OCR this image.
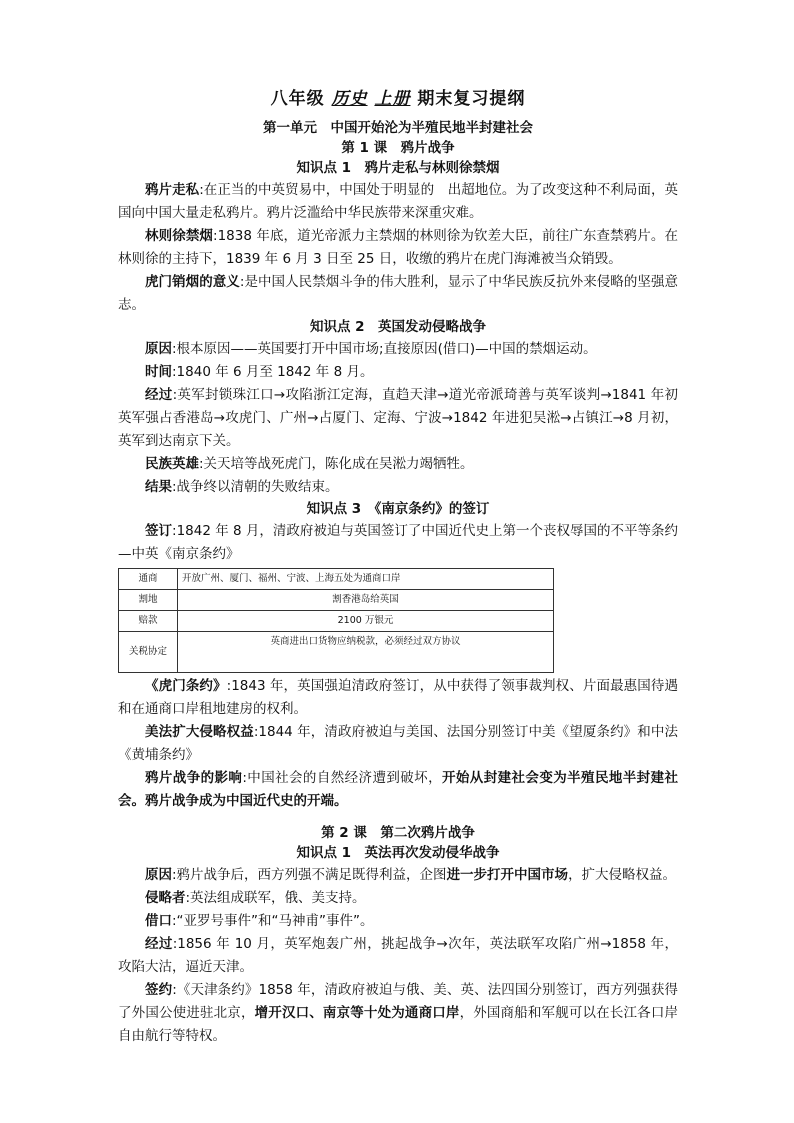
八年级 历史 上册 期末复习提纲
第一单元　中国开始沦为半殖民地半封建社会
第 1 课　鸦片战争
知识点 1　鸦片走私与林则徐禁烟

鸦片走私:在正当的中英贸易中，中国处于明显的　出超地位。为了改变这种不利局面，英国向中国大量走私鸦片。鸦片泛滥给中华民族带来深重灾难。

林则徐禁烟:1838 年底，道光帝派力主禁烟的林则徐为钦差大臣，前往广东查禁鸦片。在林则徐的主持下，1839 年 6 月 3 日至 25 日，收缴的鸦片在虎门海滩被当众销毁。

虎门销烟的意义:是中国人民禁烟斗争的伟大胜利，显示了中华民族反抗外来侵略的坚强意志。

知识点 2　英国发动侵略战争

原因:根本原因——英国要打开中国市场;直接原因(借口)—中国的禁烟运动。

时间:1840 年 6 月至 1842 年 8 月。

经过:英军封锁珠江口→攻陷浙江定海，直趋天津→道光帝派琦善与英军谈判→1841 年初英军强占香港岛→攻虎门、广州→占厦门、定海、宁波→1842 年进犯吴淞→占镇江→8 月初，英军到达南京下关。

民族英雄:关天培等战死虎门，陈化成在吴淞力竭牺牲。

结果:战争终以清朝的失败结束。

知识点 3　《南京条约》的签订

签订:1842 年 8 月，清政府被迫与英国签订了中国近代史上第一个丧权辱国的不平等条约—中英《南京条约》

通商	开放广州、厦门、福州、宁波、上海五处为通商口岸
割地	割香港岛给英国
赔款	2100 万银元
关税协定	英商进出口货物应纳税款，必须经过双方协议

《虎门条约》:1843 年，英国强迫清政府签订，从中获得了领事裁判权、片面最惠国待遇和在通商口岸租地建房的权利。

美法扩大侵略权益:1844 年，清政府被迫与美国、法国分别签订中美《望厦条约》和中法《黄埔条约》

鸦片战争的影响:中国社会的自然经济遭到破坏，开始从封建社会变为半殖民地半封建社会。鸦片战争成为中国近代史的开端。

第 2 课　第二次鸦片战争
知识点 1　英法再次发动侵华战争

原因:鸦片战争后，西方列强不满足既得利益，企图进一步打开中国市场，扩大侵略权益。

侵略者:英法组成联军，俄、美支持。

借口:“亚罗号事件”和“马神甫”事件”。

经过:1856 年 10 月，英军炮轰广州，挑起战争→次年，英法联军攻陷广州→1858 年，攻陷大沽，逼近天津。

签约:《天津条约》1858 年，清政府被迫与俄、美、英、法四国分别签订，西方列强获得了外国公使进驻北京，增开汉口、南京等十处为通商口岸，外国商船和军舰可以在长江各口岸自由航行等特权。
